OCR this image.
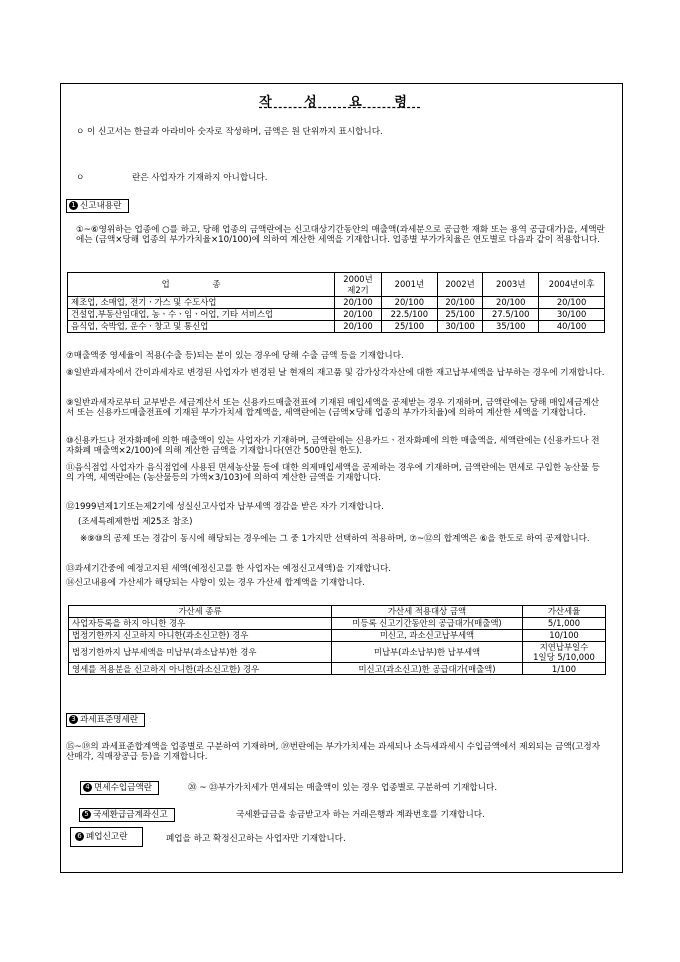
작 성 요 령

ㅇ 이 신고서는 한글과 아라비아 숫자로 작성하며, 금액은 원 단위까지 표시합니다.

ㅇ	란은 사업자가 기재하지 아니합니다.

1 신고내용란

①~⑥영위하는 업종에 ○를 하고, 당해 업종의 금액란에는 신고대상기간동안의 매출액(과세분으로 공급한 재화 또는 용역 공급대가)을, 세액란에는 (금액×당해 업종의 부가가치율×10/100)에 의하여 계산한 세액을 기재합니다. 업종별 부가가치율은 연도별로 다음과 같이 적용합니다.

업 종	2000년 제2기	2001년	2002년	2003년	2004년이후
제조업, 소매업, 전기ㆍ가스 및 수도사업	20/100	20/100	20/100	20/100	20/100
건설업,부동산임대업, 농ㆍ수ㆍ임ㆍ어업, 기타 서비스업	20/100	22.5/100	25/100	27.5/100	30/100
음식업, 숙박업, 운수ㆍ창고 및 통신업	20/100	25/100	30/100	35/100	40/100

⑦매출액중 영세율이 적용(수출 등)되는 분이 있는 경우에 당해 수출 금액 등을 기재합니다.

⑧일반과세자에서 간이과세자로 변경된 사업자가 변경된 날 현재의 재고품 및 감가상각자산에 대한 재고납부세액을 납부하는 경우에 기재합니다.

⑨일반과세자로부터 교부받은 세금계산서 또는 신용카드매출전표에 기재된 매입세액을 공제받는 경우 기재하며, 금액란에는 당해 매입세금계산서 또는 신용카드매출전표에 기재된 부가가치세 합계액을, 세액란에는 (금액×당해 업종의 부가가치율)에 의하여 계산한 세액을 기재합니다.

⑩신용카드나 전자화폐에 의한 매출액이 있는 사업자가 기재하며, 금액란에는 신용카드ㆍ전자화폐에 의한 매출액을, 세액란에는 (신용카드나 전자화폐 매출액×2/100)에 의해 계산한 금액을 기재합니다(연간 500만원 한도).

⑪음식점업 사업자가 음식점업에 사용된 면세농산물 등에 대한 의제매입세액을 공제하는 경우에 기재하며, 금액란에는 면세로 구입한 농산물 등의 가액, 세액란에는 (농산물등의 가액×3/103)에 의하여 계산한 금액을 기재합니다.

⑫1999년제1기또는제2기에 성실신고사업자 납부세액 경감을 받은 자가 기재합니다.

(조세특례제한법 제25조 참조)

※⑨⑩의 공제 또는 경감이 동시에 해당되는 경우에는 그 중 1가지만 선택하여 적용하며, ⑦~⑫의 합계액은 ⑥을 한도로 하여 공제합니다.

⑬과세기간중에 예정고지된 세액(예정신고를 한 사업자는 예정신고세액)을 기재합니다.

⑭신고내용에 가산세가 해당되는 사항이 있는 경우 가산세 합계액을 기재합니다.

가산세 종류	가산세 적용대상 금액	가산세율
사업자등록을 하지 아니한 경우	미등록 신고기간동안의 공급대가(매출액)	5/1,000
법정기한까지 신고하지 아니한(과소신고한) 경우	미신고, 과소신고납부세액	10/100
법정기한까지 납부세액을 미납부(과소납부)한 경우	미납부(과소납부)한 납부세액	지연납부일수
1일당 5/10,000

영세를 적용분을 신고하지 아니한(과소신고한) 경우	미신고(과소신고)한 공급대가(매출액)	1/100
3 과세표준명세란

⑮~⑲의 과세표준합계액을 업종별로 구분하여 기재하며, ⑲번란에는 부가가치세는 과세되나 소득세과세시 수입금액에서 제외되는 금액(고정자산매각, 직매장공급 등)을 기재합니다.

4 면세수입금액란	⑳ ~ ㉓부가가치세가 면세되는 매출액이 있는 경우 업종별로 구분하여 기재합니다.

5 국세환급금계좌신고	국세환급금을 송금받고자 하는 거래은행과 계좌번호를 기재합니다.

6 폐업신고란	폐업을 하고 확정신고하는 사업자만 기재합니다.
